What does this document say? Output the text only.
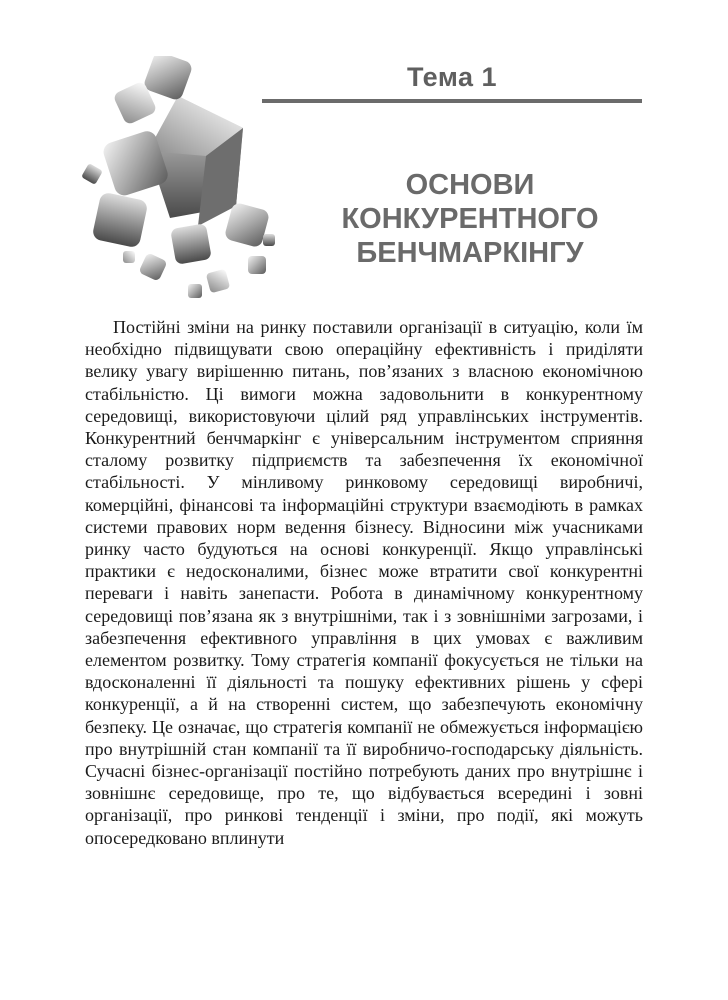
Тема 1
ОСНОВИ
КОНКУРЕНТНОГО
БЕНЧМАРКІНГУ

Постійні зміни на ринку поставили організації в ситуацію, коли їм необхідно підвищувати свою операційну ефективність і приділяти велику увагу вирішенню питань, пов’язаних з власною економічною стабільністю. Ці вимоги можна задовольнити в конкурентному середовищі, використовуючи цілий ряд управлінських інструментів. Конкурентний бенчмаркінг є універсальним інструментом сприяння сталому розвитку підприємств та забезпечення їх економічної стабільності. У мінливому ринковому середовищі виробничі, комерційні, фінансові та інформаційні структури взаємодіють в рамках системи правових норм ведення бізнесу. Відносини між учасниками ринку часто будуються на основі конкуренції. Якщо управлінські практики є недосконалими, бізнес може втратити свої конкурентні переваги і навіть занепасти. Робота в динамічному конкурентному середовищі пов’язана як з внутрішніми, так і з зовнішніми загрозами, і забезпечення ефективного управління в цих умовах є важливим елементом розвитку. Тому стратегія компанії фокусується не тільки на вдосконаленні її діяльності та пошуку ефективних рішень у сфері конкуренції, а й на створенні систем, що забезпечують економічну безпеку. Це означає, що стратегія компанії не обмежується інформацією про внутрішній стан компанії та її виробничо-господарську діяльність. Сучасні бізнес-організації постійно потребують даних про внутрішнє і зовнішнє середовище, про те, що відбувається всередині і зовні організації, про ринкові тенденції і зміни, про події, які можуть опосередковано вплинути
